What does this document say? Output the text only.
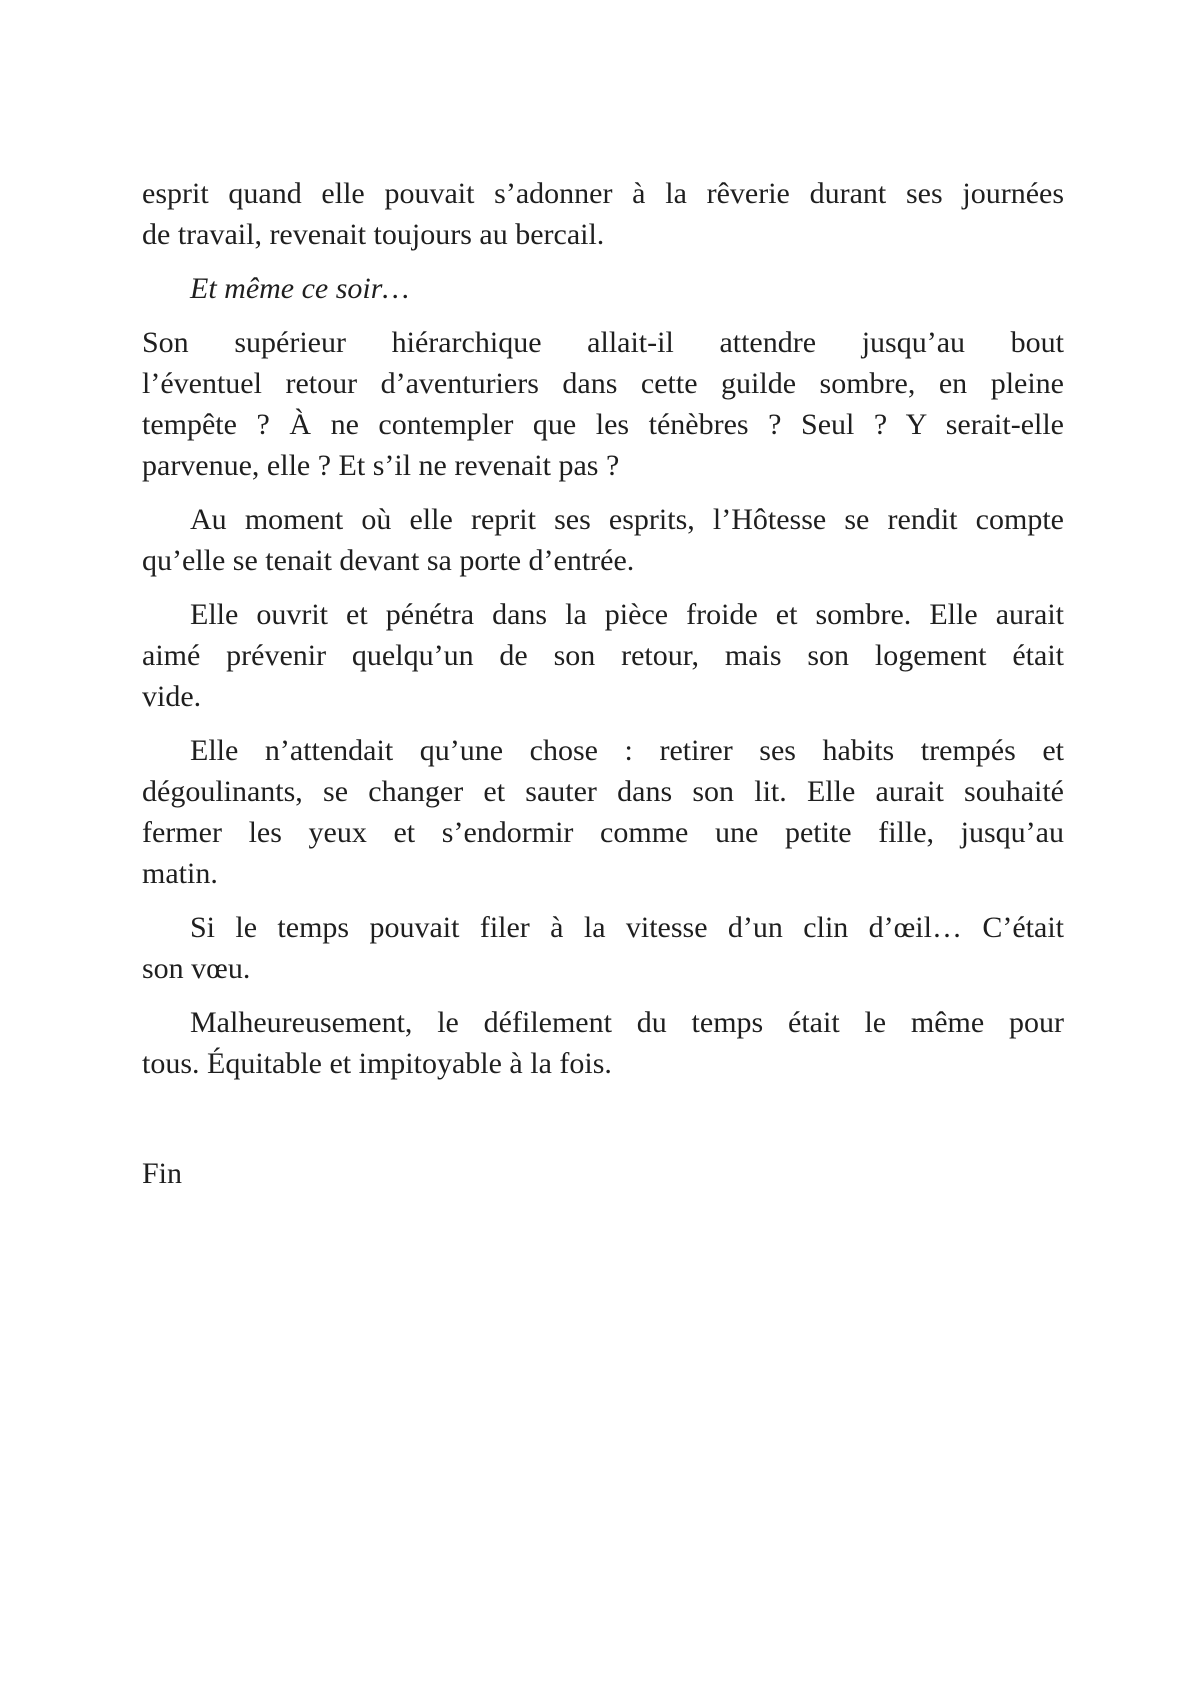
esprit quand elle pouvait s’adonner à la rêverie durant ses journées
de travail, revenait toujours au bercail.

Et même ce soir…

Son supérieur hiérarchique allait-il attendre jusqu’au bout
l’éventuel retour d’aventuriers dans cette guilde sombre, en pleine
tempête ? À ne contempler que les ténèbres ? Seul ? Y serait-elle
parvenue, elle ? Et s’il ne revenait pas ?

Au moment où elle reprit ses esprits, l’Hôtesse se rendit compte
qu’elle se tenait devant sa porte d’entrée.

Elle ouvrit et pénétra dans la pièce froide et sombre. Elle aurait
aimé prévenir quelqu’un de son retour, mais son logement était
vide.

Elle n’attendait qu’une chose : retirer ses habits trempés et
dégoulinants, se changer et sauter dans son lit. Elle aurait souhaité
fermer les yeux et s’endormir comme une petite fille, jusqu’au
matin.

Si le temps pouvait filer à la vitesse d’un clin d’œil… C’était
son vœu.

Malheureusement, le défilement du temps était le même pour
tous. Équitable et impitoyable à la fois.

Fin
